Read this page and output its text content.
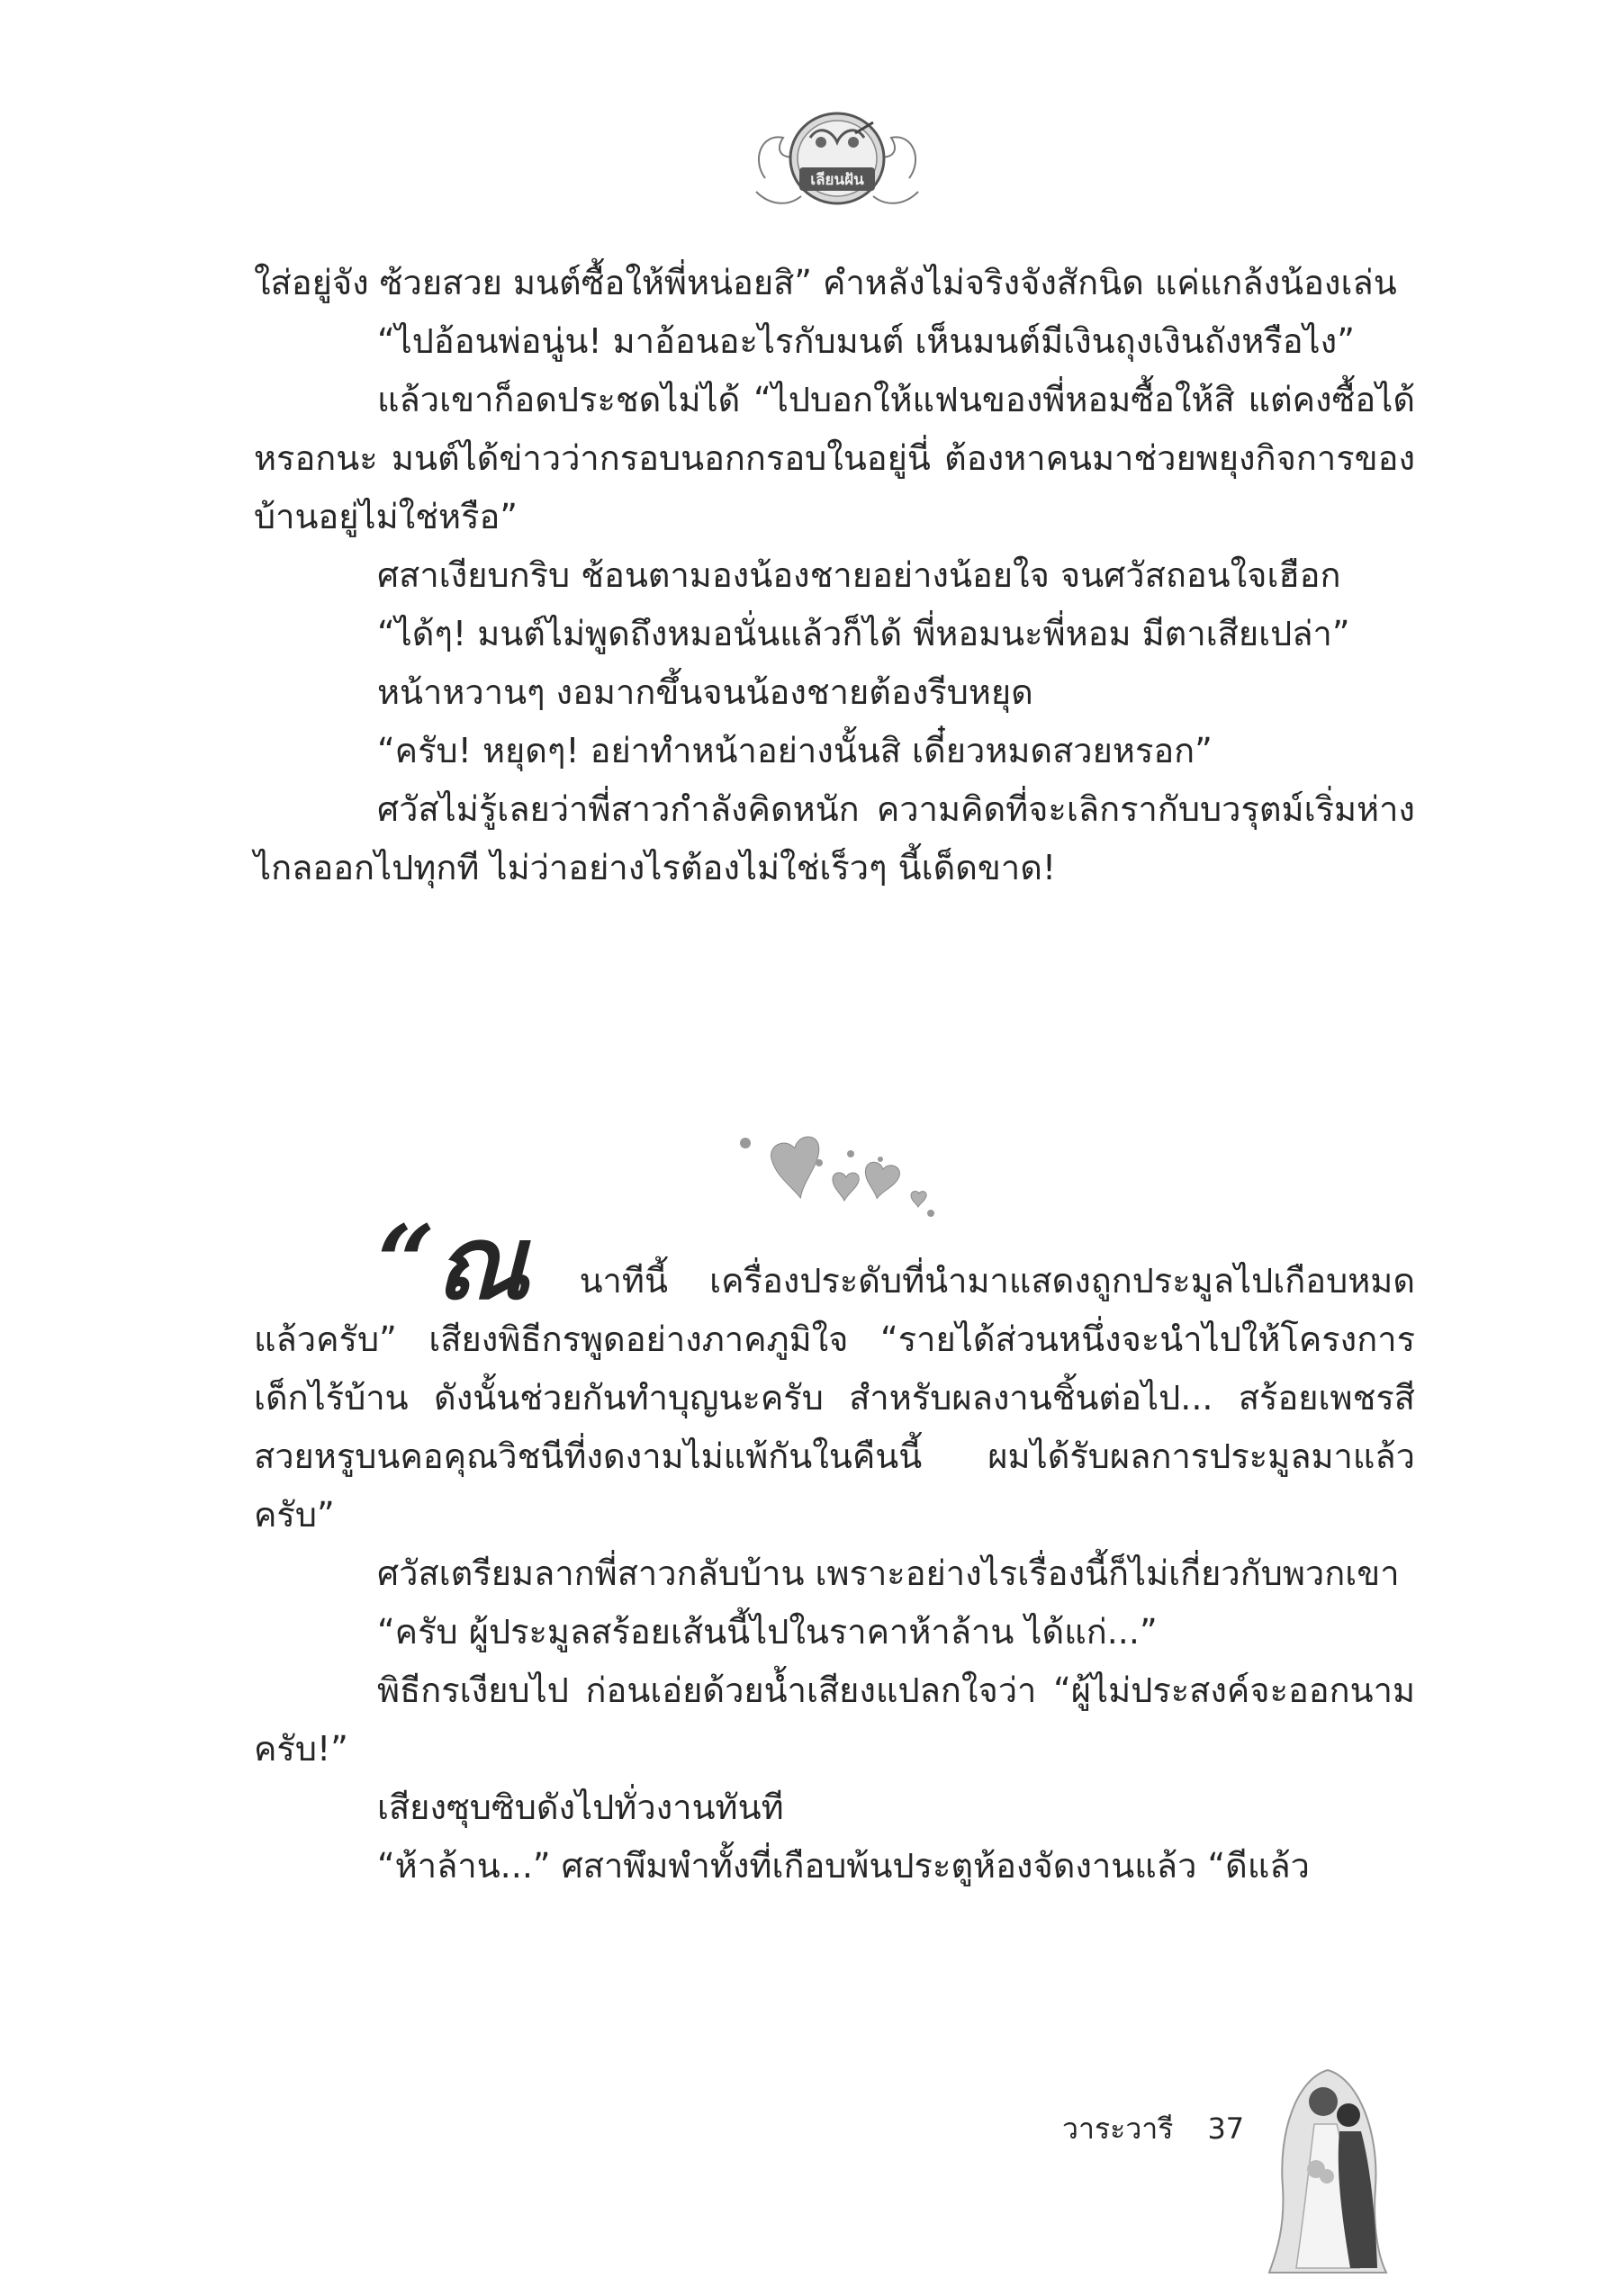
เลียนฝัน

ใส่อยู่จัง ซ้วยสวย มนต์ซื้อให้พี่หน่อยสิ” คำหลังไม่จริงจังสักนิด แค่แกล้งน้องเล่น

“ไปอ้อนพ่อนู่น! มาอ้อนอะไรกับมนต์ เห็นมนต์มีเงินถุงเงินถังหรือไง”

แล้วเขาก็อดประชดไม่ได้ “ไปบอกให้แฟนของพี่หอมซื้อให้สิ แต่คงซื้อได้หรอกนะ มนต์ได้ข่าวว่ากรอบนอกกรอบในอยู่นี่ ต้องหาคนมาช่วยพยุงกิจการของบ้านอยู่ไม่ใช่หรือ”

ศสาเงียบกริบ ช้อนตามองน้องชายอย่างน้อยใจ จนศวัสถอนใจเฮือก

“ได้ๆ! มนต์ไม่พูดถึงหมอนั่นแล้วก็ได้ พี่หอมนะพี่หอม มีตาเสียเปล่า”

หน้าหวานๆ งอมากขึ้นจนน้องชายต้องรีบหยุด

“ครับ! หยุดๆ! อย่าทำหน้าอย่างนั้นสิ เดี๋ยวหมดสวยหรอก”

ศวัสไม่รู้เลยว่าพี่สาวกำลังคิดหนัก ความคิดที่จะเลิกรากับบวรุตม์เริ่มห่างไกลออกไปทุกที ไม่ว่าอย่างไรต้องไม่ใช่เร็วๆ นี้เด็ดขาด!

“ณ นาทีนี้ เครื่องประดับที่นำมาแสดงถูกประมูลไปเกือบหมดแล้วครับ” เสียงพิธีกรพูดอย่างภาคภูมิใจ “รายได้ส่วนหนึ่งจะนำไปให้โครงการเด็กไร้บ้าน ดังนั้นช่วยกันทำบุญนะครับ สำหรับผลงานชิ้นต่อไป... สร้อยเพชรสีสวยหรูบนคอคุณวิชนีที่งดงามไม่แพ้กันในคืนนี้ ผมได้รับผลการประมูลมาแล้วครับ”

ศวัสเตรียมลากพี่สาวกลับบ้าน เพราะอย่างไรเรื่องนี้ก็ไม่เกี่ยวกับพวกเขา

“ครับ ผู้ประมูลสร้อยเส้นนี้ไปในราคาห้าล้าน ได้แก่...”

พิธีกรเงียบไป ก่อนเอ่ยด้วยน้ำเสียงแปลกใจว่า “ผู้ไม่ประสงค์จะออกนามครับ!”

เสียงซุบซิบดังไปทั่วงานทันที

“ห้าล้าน...” ศสาพึมพำทั้งที่เกือบพ้นประตูห้องจัดงานแล้ว “ดีแล้ว

วาระวารี 37
